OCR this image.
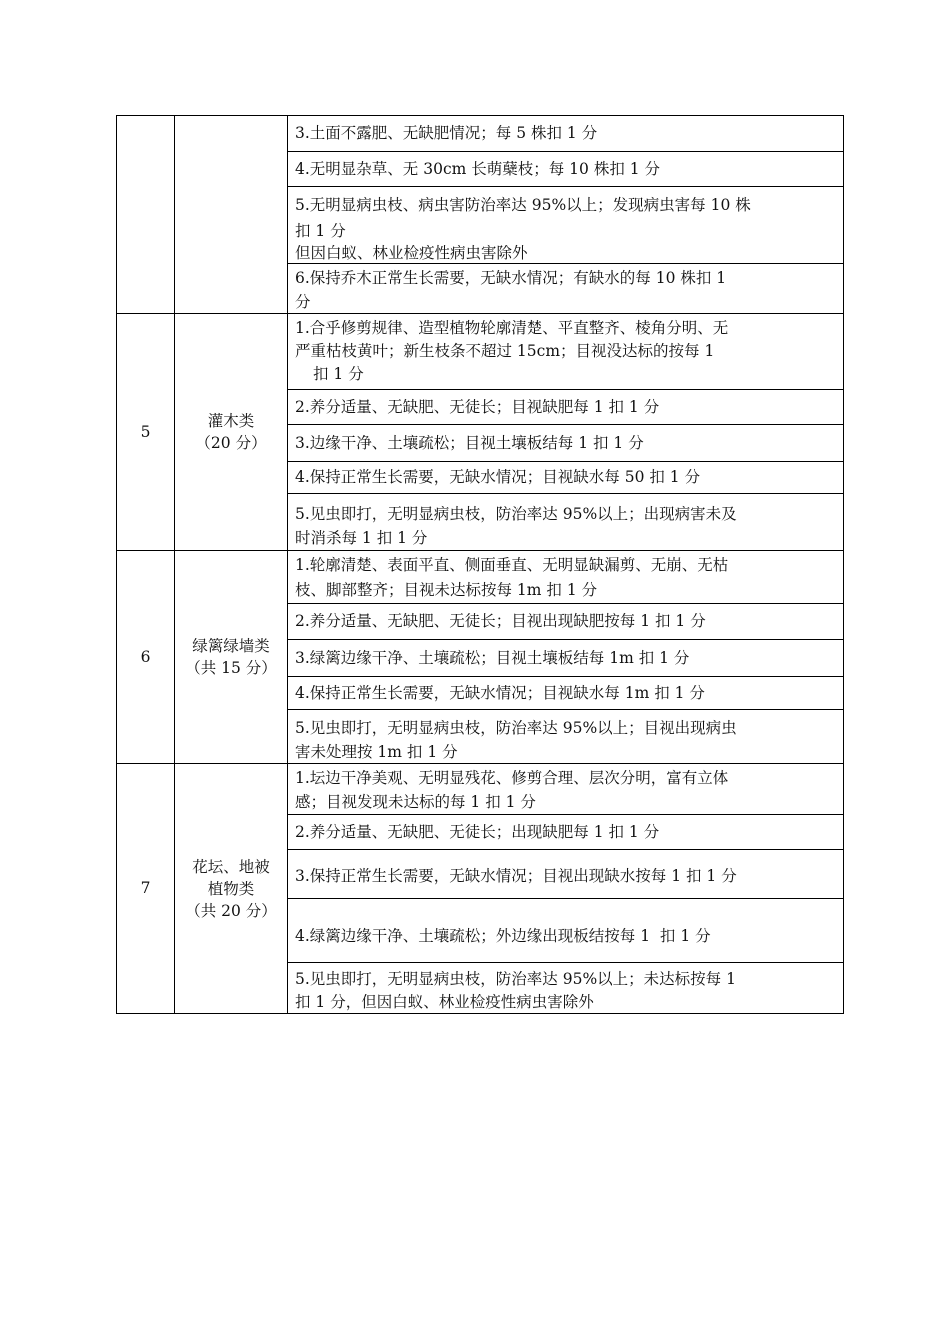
		3.土面不露肥、无缺肥情况；每 5 株扣 1 分

		4.无明显杂草、无 30cm 长萌蘖枝；每 10 株扣 1 分

		5.无明显病虫枝、病虫害防治率达 95%以上；发现病虫害每 10 株
扣 1 分
但因白蚁、林业检疫性病虫害除外

		6.保持乔木正常生长需要，无缺水情况；有缺水的每 10 株扣 1
分

5	灌木类
（20 分）	1.合乎修剪规律、造型植物轮廓清楚、平直整齐、棱角分明、无
严重枯枝黄叶；新生枝条不超过 15cm；目视没达标的按每 1
扣 1 分

		2.养分适量、无缺肥、无徒长；目视缺肥每 1 扣 1 分

		3.边缘干净、土壤疏松；目视土壤板结每 1 扣 1 分

		4.保持正常生长需要，无缺水情况；目视缺水每 50 扣 1 分

		5.见虫即打，无明显病虫枝，防治率达 95%以上；出现病害未及
时消杀每 1 扣 1 分

6	绿篱绿墙类
（共 15 分）	1.轮廓清楚、表面平直、侧面垂直、无明显缺漏剪、无崩、无枯
枝、脚部整齐；目视未达标按每 1m 扣 1 分

		2.养分适量、无缺肥、无徒长；目视出现缺肥按每 1 扣 1 分

		3.绿篱边缘干净、土壤疏松；目视土壤板结每 1m 扣 1 分

		4.保持正常生长需要，无缺水情况；目视缺水每 1m 扣 1 分

		5.见虫即打，无明显病虫枝，防治率达 95%以上；目视出现病虫
害未处理按 1m 扣 1 分

7	花坛、地被
植物类
（共 20 分）	1.坛边干净美观、无明显残花、修剪合理、层次分明，富有立体
感；目视发现未达标的每 1 扣 1 分

		2.养分适量、无缺肥、无徒长；出现缺肥每 1 扣 1 分

		3.保持正常生长需要，无缺水情况；目视出现缺水按每 1 扣 1 分

		4.绿篱边缘干净、土壤疏松；外边缘出现板结按每 1  扣 1 分

		5.见虫即打，无明显病虫枝，防治率达 95%以上；未达标按每 1
扣 1 分，但因白蚁、林业检疫性病虫害除外
